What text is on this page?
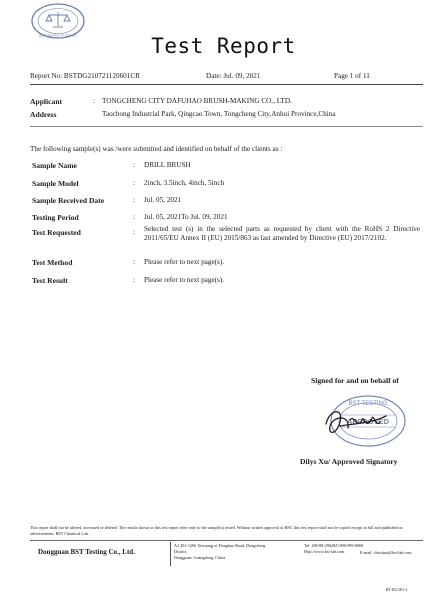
BEST SERVICE OF TESTING	Test Report
Report No: BSTDG210721120601CR	Date: Jul. 09, 2021	Page 1 of 11
Applicant	: TONGCHENG CITY DAFUHAO BRUSH-MAKING CO., LTD.
Address	Taochong Industrial Park, Qingcao Town, Tongcheng City,Anhui Province,China
The following sample(s) was /were submitted and identified on behalf of the clients as :
Sample Name	: DRILL BRUSH
Sample Model	: 2inch, 3.5inch, 4inch, 5inch
Sample Received Date	: Jul. 05, 2021
Testing Period	: Jul. 05, 2021To Jul. 09, 2021
Test Requested	: Selected test (s) in the selected parts as requested by client with the RoHS 2 Directive 2011/65/EU Annex II (EU) 2015/863 as last amended by Directive (EU) 2017/2102.
Test Method	: Please refer to next page(s).
Test Result	: Please refer to next page(s).
Signed for and on behalf of
BST TESTING
APPROVED
Dilys Xu/ Approved Signatory
This report shall not be altered, increased or deleted. The results shown in this test report refer only to the sample(s) tested. Without written approval of BST, this test report shall not be copied except in full and published as advertisement. BST Chemical Lab.
Dongguan BST Testing Co., Ltd.
A1 201-1206 Xiecaang of Donghuo Road, Dongcheng District,
Dongguan, Guangdong, China
Tel: 400-88-29628/0 800-999-0068
Http://www.bst-lab.com	E-mail: christina@bst-lab.com
BT-DG-001-2
